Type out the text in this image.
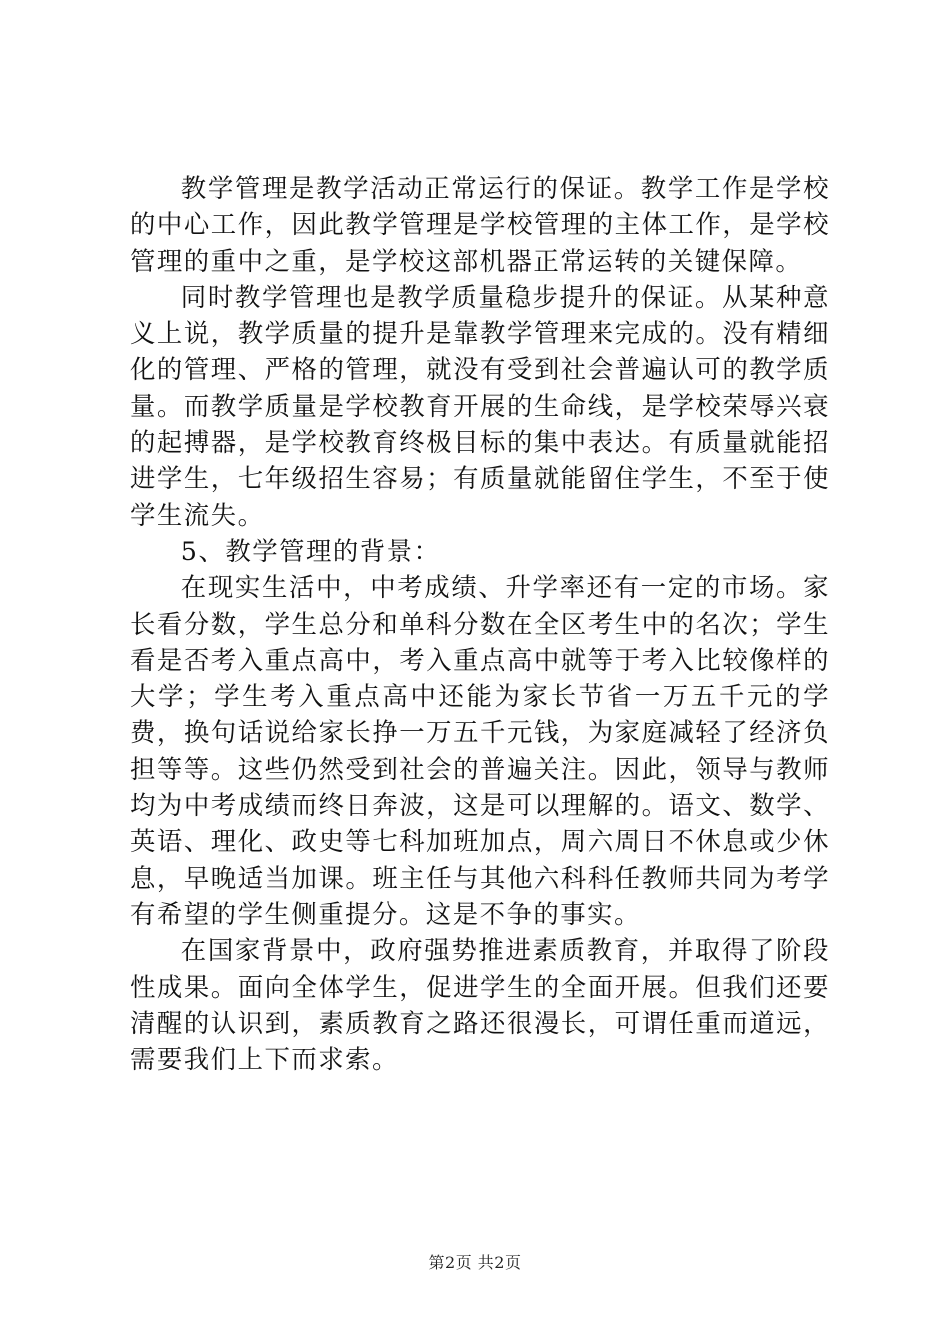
教学管理是教学活动正常运行的保证。教学工作是学校的中心工作，因此教学管理是学校管理的主体工作，是学校管理的重中之重，是学校这部机器正常运转的关键保障。

同时教学管理也是教学质量稳步提升的保证。从某种意义上说，教学质量的提升是靠教学管理来完成的。没有精细化的管理、严格的管理，就没有受到社会普遍认可的教学质量。而教学质量是学校教育开展的生命线，是学校荣辱兴衰的起搏器，是学校教育终极目标的集中表达。有质量就能招进学生，七年级招生容易；有质量就能留住学生，不至于使学生流失。

5、教学管理的背景：

在现实生活中，中考成绩、升学率还有一定的市场。家长看分数，学生总分和单科分数在全区考生中的名次；学生看是否考入重点高中，考入重点高中就等于考入比较像样的大学；学生考入重点高中还能为家长节省一万五千元的学费，换句话说给家长挣一万五千元钱，为家庭减轻了经济负担等等。这些仍然受到社会的普遍关注。因此，领导与教师均为中考成绩而终日奔波，这是可以理解的。语文、数学、英语、理化、政史等七科加班加点，周六周日不休息或少休息，早晚适当加课。班主任与其他六科科任教师共同为考学有希望的学生侧重提分。这是不争的事实。

在国家背景中，政府强势推进素质教育，并取得了阶段性成果。面向全体学生，促进学生的全面开展。但我们还要清醒的认识到，素质教育之路还很漫长，可谓任重而道远，需要我们上下而求索。

第2页 共2页
